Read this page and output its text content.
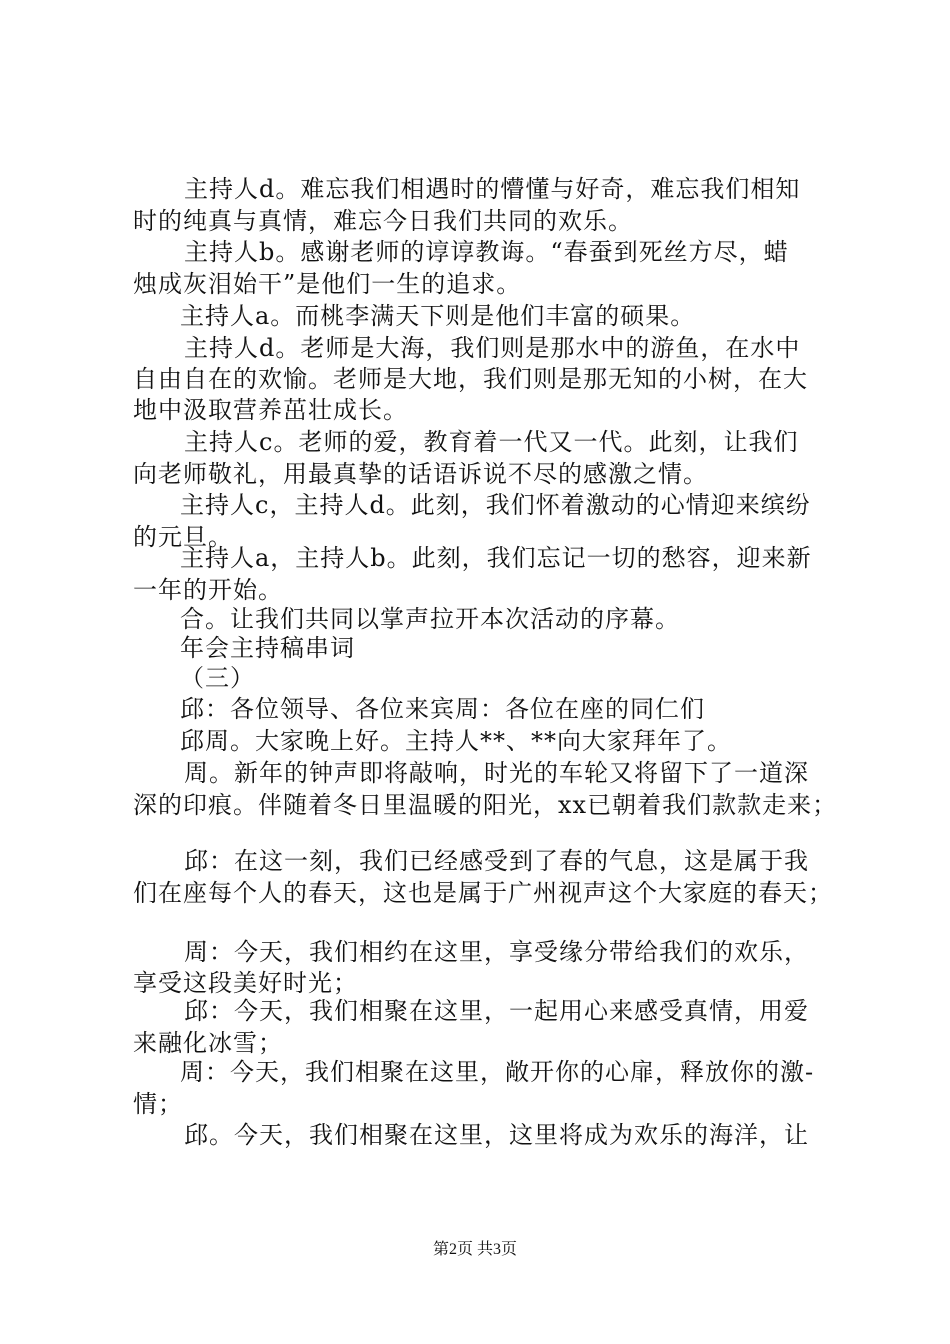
主持人d。难忘我们相遇时的懵懂与好奇，难忘我们相知
时的纯真与真情，难忘今日我们共同的欢乐。
主持人b。感谢老师的谆谆教诲。“春蚕到死丝方尽，蜡
烛成灰泪始干”是他们一生的追求。
主持人a。而桃李满天下则是他们丰富的硕果。
主持人d。老师是大海，我们则是那水中的游鱼，在水中
自由自在的欢愉。老师是大地，我们则是那无知的小树，在大
地中汲取营养茁壮成长。
主持人c。老师的爱，教育着一代又一代。此刻，让我们
向老师敬礼，用最真挚的话语诉说不尽的感激之情。
主持人c，主持人d。此刻，我们怀着激动的心情迎来缤纷
的元旦。
主持人a，主持人b。此刻，我们忘记一切的愁容，迎来新
一年的开始。
合。让我们共同以掌声拉开本次活动的序幕。
年会主持稿串词
（三）
邱：各位领导、各位来宾周：各位在座的同仁们
邱周。大家晚上好。主持人**、**向大家拜年了。
周。新年的钟声即将敲响，时光的车轮又将留下了一道深
深的印痕。伴随着冬日里温暖的阳光，xx已朝着我们款款走来；
邱：在这一刻，我们已经感受到了春的气息，这是属于我
们在座每个人的春天，这也是属于广州视声这个大家庭的春天；
周：今天，我们相约在这里，享受缘分带给我们的欢乐，
享受这段美好时光；
邱：今天，我们相聚在这里，一起用心来感受真情，用爱
来融化冰雪；
周：今天，我们相聚在这里，敞开你的心扉，释放你的激-
情；
邱。今天，我们相聚在这里，这里将成为欢乐的海洋，让
第2页 共3页
